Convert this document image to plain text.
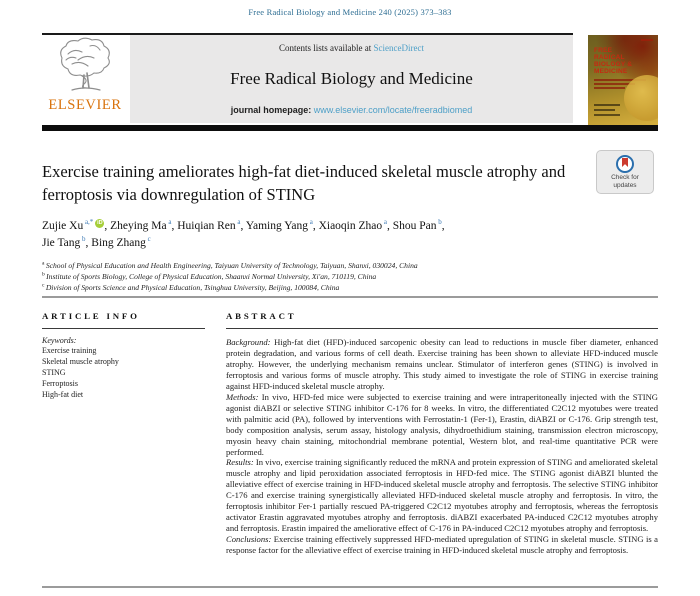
Free Radical Biology and Medicine 240 (2025) 373–383
ELSEVIER
Contents lists available at ScienceDirect
Free Radical Biology and Medicine
journal homepage: www.elsevier.com/locate/freeradbiomed
FREE
RADICAL
BIOLOGY &
MEDICINE
Exercise training ameliorates high-fat diet-induced skeletal muscle atrophy and ferroptosis via downregulation of STING
Check for
updates
Zujie Xu $^{a,*}$ iD , Zheying Ma $^a$, Huiqian Ren $^a$, Yaming Yang $^a$, Xiaoqin Zhao $^a$, Shou Pan $^b$,
Jie Tang $^b$, Bing Zhang $^c$
$^a$ School of Physical Education and Health Engineering, Taiyuan University of Technology, Taiyuan, Shanxi, 030024, China
$^b$ Institute of Sports Biology, College of Physical Education, Shaanxi Normal University, Xi'an, 710119, China
$^c$ Division of Sports Science and Physical Education, Tsinghua University, Beijing, 100084, China
ARTICLE INFO
Keywords:
Exercise training
Skeletal muscle atrophy
STING
Ferroptosis
High-fat diet
ABSTRACT

Background: High-fat diet (HFD)-induced sarcopenic obesity can lead to reductions in muscle fiber diameter, enhanced protein degradation, and various forms of cell death. Exercise training has been shown to alleviate HFD-induced muscle atrophy. However, the underlying mechanism remains unclear. Stimulator of interferon genes (STING) is involved in ferroptosis and various forms of muscle atrophy. This study aimed to investigate the role of STING in exercise training against HFD-induced skeletal muscle atrophy.

Methods: In vivo, HFD-fed mice were subjected to exercise training and were intraperitoneally injected with the STING agonist diABZI or selective STING inhibitor C-176 for 8 weeks. In vitro, the differentiated C2C12 myotubes were treated with palmitic acid (PA), followed by interventions with Ferrostatin-1 (Fer-1), Erastin, diABZI or C-176. Grip strength test, body composition analysis, serum assay, histology analysis, dihydroethidium staining, transmission electron microscopy, myosin heavy chain staining, mitochondrial membrane potential, Western blot, and real-time quantitative PCR were performed.

Results: In vivo, exercise training significantly reduced the mRNA and protein expression of STING and ameliorated skeletal muscle atrophy and lipid peroxidation associated ferroptosis in HFD-fed mice. The STING agonist diABZI blunted the alleviative effect of exercise training in HFD-induced skeletal muscle atrophy and ferroptosis. The selective STING inhibitor C-176 and exercise training synergistically alleviated HFD-induced skeletal muscle atrophy and ferroptosis. In vitro, the ferroptosis inhibitor Fer-1 partially rescued PA-triggered C2C12 myotubes atrophy and ferroptosis, whereas the ferroptosis activator Erastin aggravated myotubes atrophy and ferroptosis. diABZI exacerbated PA-induced C2C12 myotubes atrophy and ferroptosis. Erastin impaired the ameliorative effect of C-176 in PA-induced C2C12 myotubes atrophy and ferroptosis.

Conclusions: Exercise training effectively suppressed HFD-mediated upregulation of STING in skeletal muscle. STING is a response factor for the alleviative effect of exercise training in HFD-induced skeletal muscle atrophy and ferroptosis.
